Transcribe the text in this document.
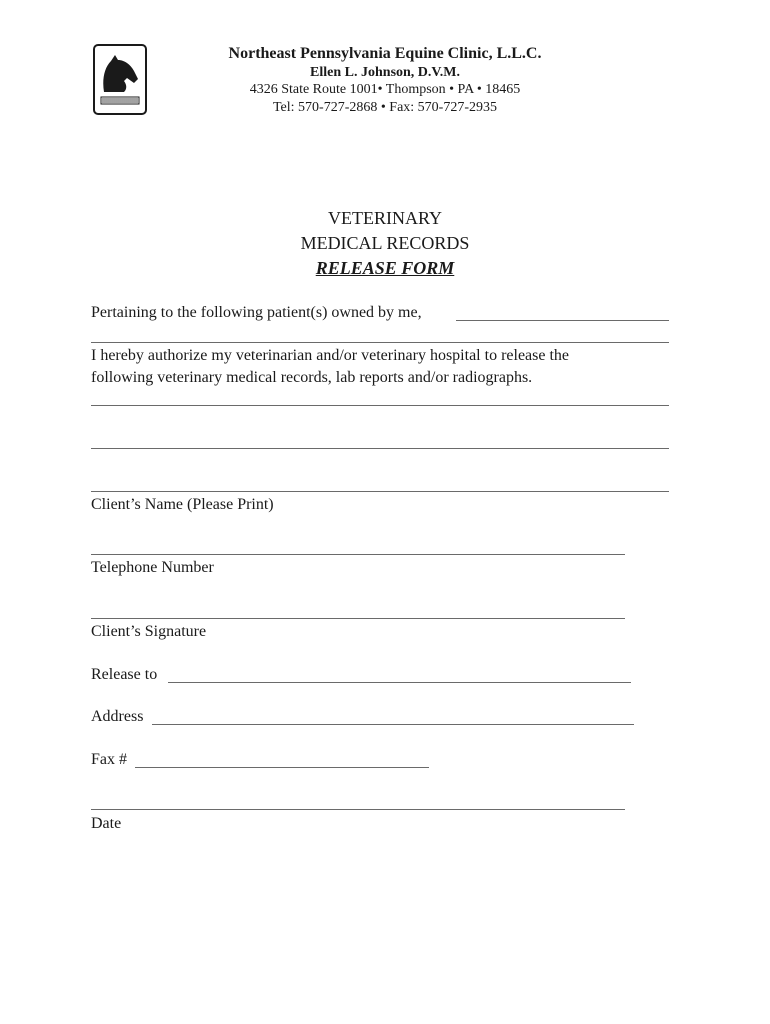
Northeast Pennsylvania Equine Clinic, L.L.C.
Ellen L. Johnson, D.V.M.
4326 State Route 1001• Thompson • PA • 18465
Tel: 570-727-2868 • Fax: 570-727-2935
VETERINARY
MEDICAL RECORDS
RELEASE FORM
Pertaining to the following patient(s) owned by me,
I hereby authorize my veterinarian and/or veterinary hospital to release the
following veterinary medical records, lab reports and/or radiographs.
Client’s Name (Please Print)
Telephone Number
Client’s Signature
Release to
Address
Fax #
Date
